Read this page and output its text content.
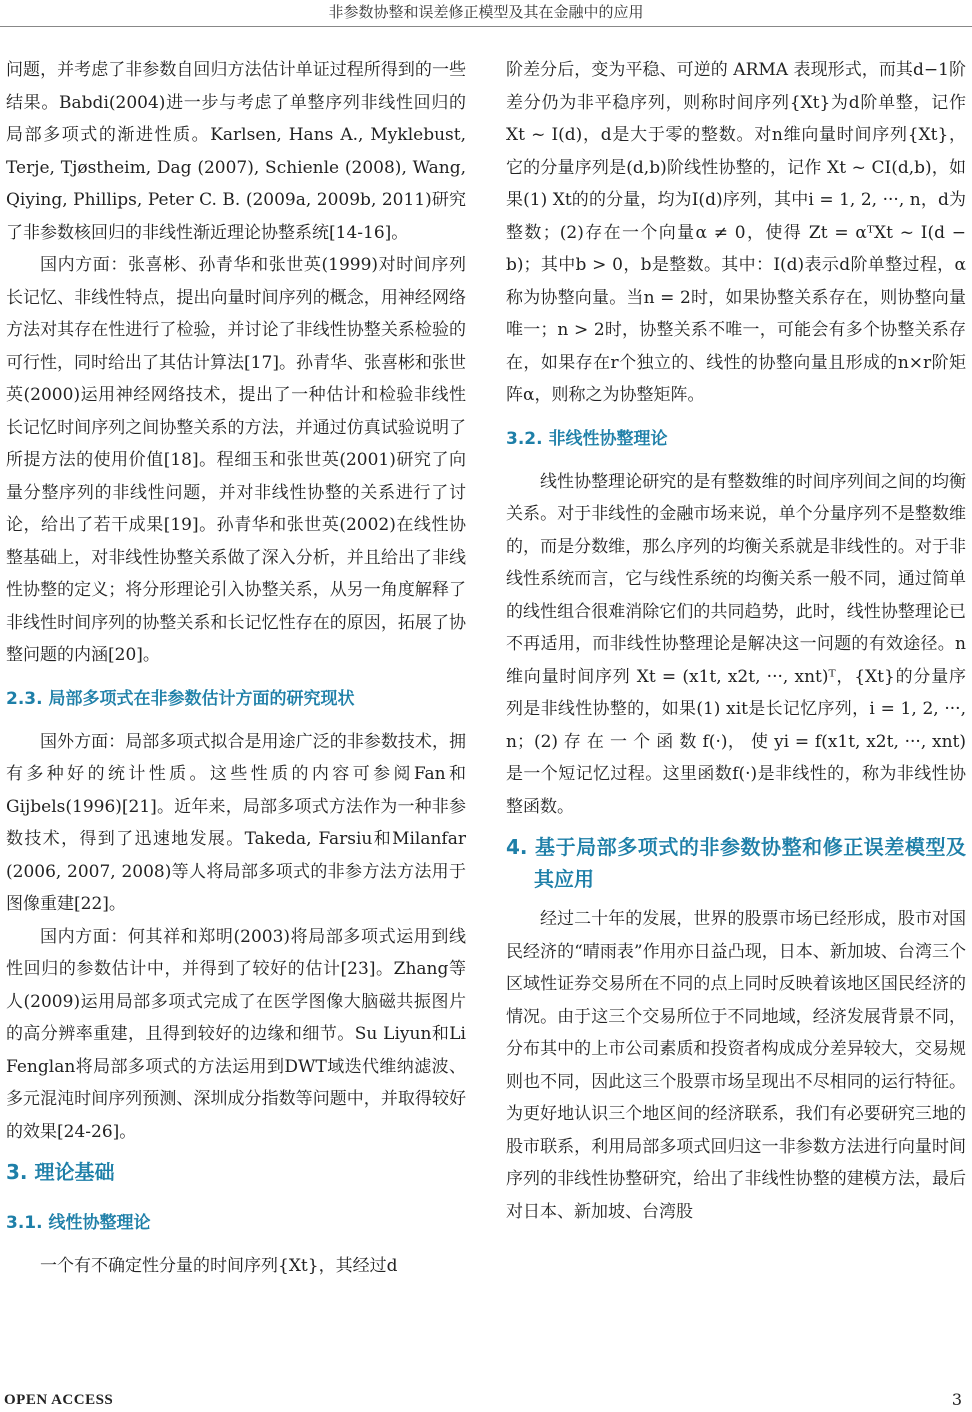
非参数协整和误差修正模型及其在金融中的应用

问题，并考虑了非参数自回归方法估计单证过程所得到的一些结果。Babdi(2004)进一步与考虑了单整序列非线性回归的局部多项式的渐进性质。Karlsen, Hans A., Myklebust, Terje, Tjøstheim, Dag (2007), Schienle (2008), Wang, Qiying, Phillips, Peter C. B. (2009a, 2009b, 2011)研究了非参数核回归的非线性渐近理论协整系统[14-16]。

国内方面：张喜彬、孙青华和张世英(1999)对时间序列长记忆、非线性特点，提出向量时间序列的概念，用神经网络方法对其存在性进行了检验，并讨论了非线性协整关系检验的可行性，同时给出了其估计算法[17]。孙青华、张喜彬和张世英(2000)运用神经网络技术，提出了一种估计和检验非线性长记忆时间序列之间协整关系的方法，并通过仿真试验说明了所提方法的使用价值[18]。程细玉和张世英(2001)研究了向量分整序列的非线性问题，并对非线性协整的关系进行了讨论，给出了若干成果[19]。孙青华和张世英(2002)在线性协整基础上，对非线性协整关系做了深入分析，并且给出了非线性协整的定义；将分形理论引入协整关系，从另一角度解释了非线性时间序列的协整关系和长记忆性存在的原因，拓展了协整问题的内涵[20]。

2.3. 局部多项式在非参数估计方面的研究现状

国外方面：局部多项式拟合是用途广泛的非参数技术，拥有多种好的统计性质。这些性质的内容可参阅Fan和Gijbels(1996)[21]。近年来，局部多项式方法作为一种非参数技术，得到了迅速地发展。Takeda, Farsiu和Milanfar (2006, 2007, 2008)等人将局部多项式的非参方法方法用于图像重建[22]。

国内方面：何其祥和郑明(2003)将局部多项式运用到线性回归的参数估计中，并得到了较好的估计[23]。Zhang等人(2009)运用局部多项式完成了在医学图像大脑磁共振图片的高分辨率重建，且得到较好的边缘和细节。Su Liyun和Li Fenglan将局部多项式的方法运用到DWT域迭代维纳滤波、多元混沌时间序列预测、深圳成分指数等问题中，并取得较好的效果[24-26]。

3. 理论基础
3.1. 线性协整理论

一个有不确定性分量的时间序列{Xt}，其经过d

阶差分后，变为平稳、可逆的 ARMA 表现形式，而其d−1阶差分仍为非平稳序列，则称时间序列{Xt}为d阶单整，记作 Xt ~ I(d)，d是大于零的整数。对n维向量时间序列{Xt}，它的分量序列是(d,b)阶线性协整的，记作 Xt ~ CI(d,b)，如果(1) Xt的的分量，均为I(d)序列，其中i = 1, 2, ···, n，d为整数；(2)存在一个向量α ≠ 0，使得 Zt = αᵀXt ~ I(d − b)；其中b > 0，b是整数。其中：I(d)表示d阶单整过程，α称为协整向量。当n = 2时，如果协整关系存在，则协整向量唯一；n > 2时，协整关系不唯一，可能会有多个协整关系存在，如果存在r个独立的、线性的协整向量且形成的n×r阶矩阵α，则称之为协整矩阵。

3.2. 非线性协整理论

线性协整理论研究的是有整数维的时间序列间之间的均衡关系。对于非线性的金融市场来说，单个分量序列不是整数维的，而是分数维，那么序列的均衡关系就是非线性的。对于非线性系统而言，它与线性系统的均衡关系一般不同，通过简单的线性组合很难消除它们的共同趋势，此时，线性协整理论已不再适用，而非线性协整理论是解决这一问题的有效途径。n维向量时间序列 Xt = (x1t, x2t, ···, xnt)ᵀ，{Xt}的分量序列是非线性协整的，如果(1) xit是长记忆序列，i = 1, 2, ···, n；(2) 存 在 一 个 函 数 f(·)， 使 yi = f(x1t, x2t, ···, xnt)是一个短记忆过程。这里函数f(·)是非线性的，称为非线性协整函数。

4. 基于局部多项式的非参数协整和修正误差模型及其应用

经过二十年的发展，世界的股票市场已经形成，股市对国民经济的“晴雨表”作用亦日益凸现，日本、新加坡、台湾三个区域性证券交易所在不同的点上同时反映着该地区国民经济的情况。由于这三个交易所位于不同地域，经济发展背景不同，分布其中的上市公司素质和投资者构成成分差异较大，交易规则也不同，因此这三个股票市场呈现出不尽相同的运行特征。为更好地认识三个地区间的经济联系，我们有必要研究三地的股市联系，利用局部多项式回归这一非参数方法进行向量时间序列的非线性协整研究，给出了非线性协整的建模方法，最后对日本、新加坡、台湾股

OPEN ACCESS	3
